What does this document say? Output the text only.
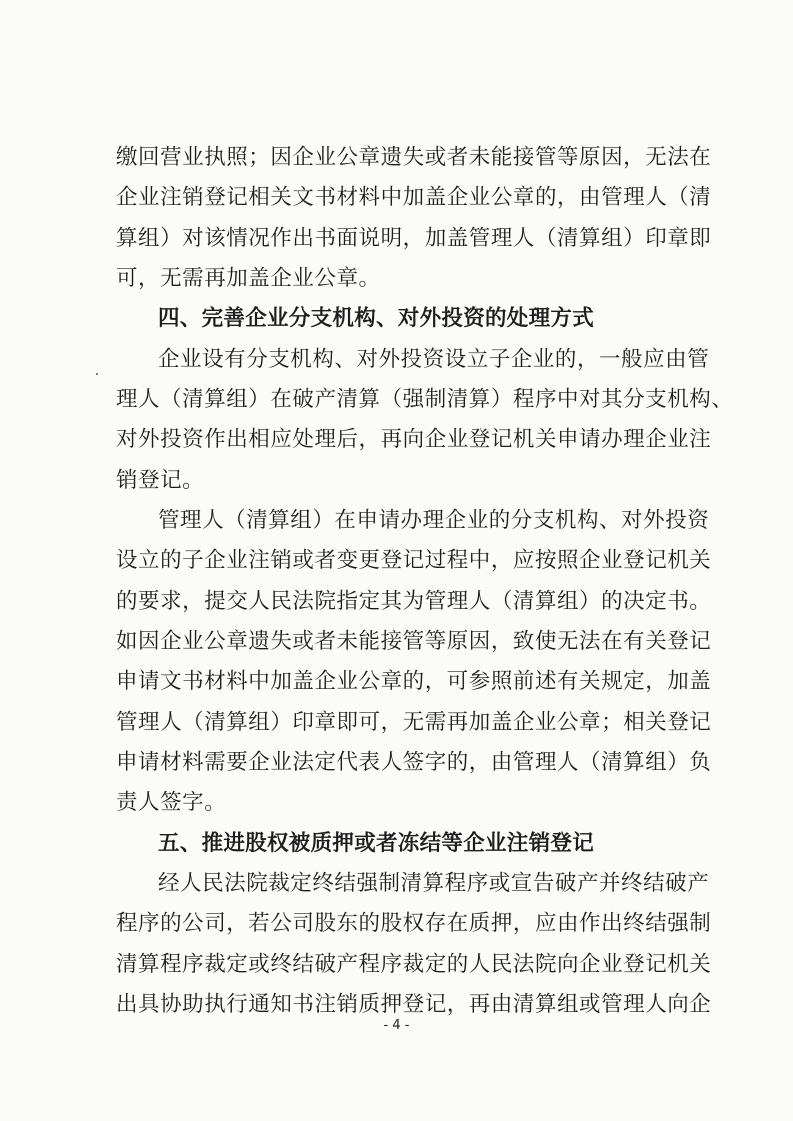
缴回营业执照；因企业公章遗失或者未能接管等原因，无法在
企业注销登记相关文书材料中加盖企业公章的，由管理人（清
算组）对该情况作出书面说明，加盖管理人（清算组）印章即
可，无需再加盖企业公章。
四、完善企业分支机构、对外投资的处理方式
企业设有分支机构、对外投资设立子企业的，一般应由管
理人（清算组）在破产清算（强制清算）程序中对其分支机构、
对外投资作出相应处理后，再向企业登记机关申请办理企业注
销登记。
管理人（清算组）在申请办理企业的分支机构、对外投资
设立的子企业注销或者变更登记过程中，应按照企业登记机关
的要求，提交人民法院指定其为管理人（清算组）的决定书。
如因企业公章遗失或者未能接管等原因，致使无法在有关登记
申请文书材料中加盖企业公章的，可参照前述有关规定，加盖
管理人（清算组）印章即可，无需再加盖企业公章；相关登记
申请材料需要企业法定代表人签字的，由管理人（清算组）负
责人签字。
五、推进股权被质押或者冻结等企业注销登记
经人民法院裁定终结强制清算程序或宣告破产并终结破产
程序的公司，若公司股东的股权存在质押，应由作出终结强制
清算程序裁定或终结破产程序裁定的人民法院向企业登记机关
出具协助执行通知书注销质押登记，再由清算组或管理人向企
- 4 -
